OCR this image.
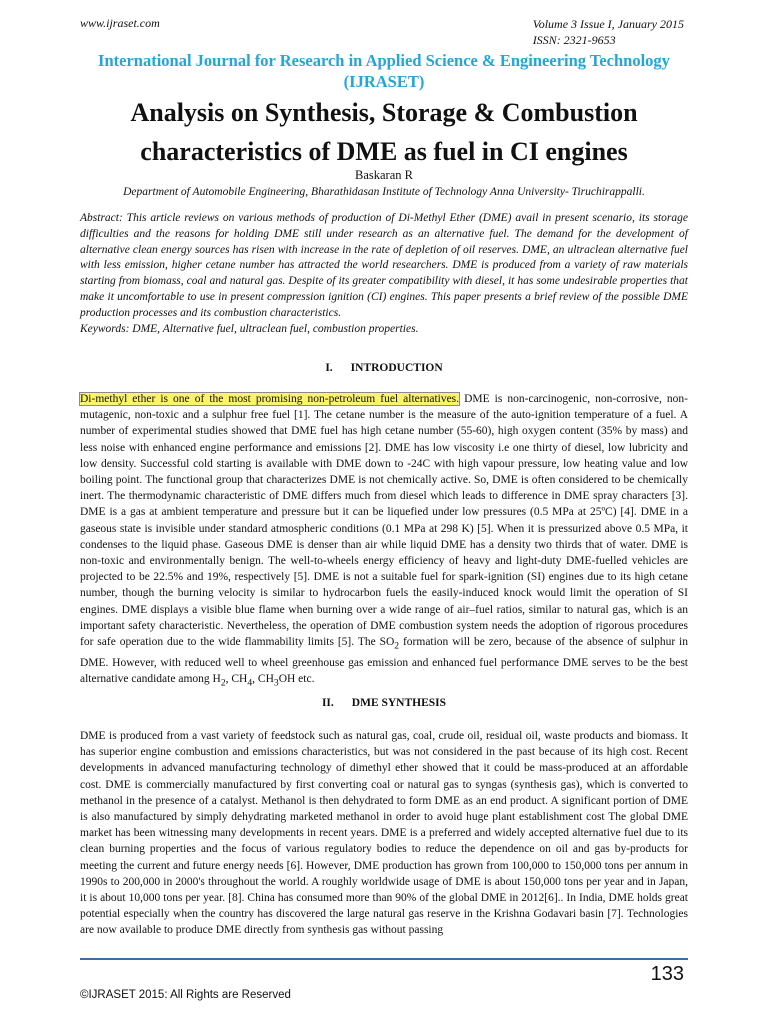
www.ijraset.com	Volume 3 Issue I, January 2015
ISSN: 2321-9653
International Journal for Research in Applied Science & Engineering Technology (IJRASET)
Analysis on Synthesis, Storage & Combustion characteristics of DME as fuel in CI engines
Baskaran R
Department of Automobile Engineering, Bharathidasan Institute of Technology Anna University- Tiruchirappalli.

Abstract: This article reviews on various methods of production of Di-Methyl Ether (DME) avail in present scenario, its storage difficulties and the reasons for holding DME still under research as an alternative fuel. The demand for the development of alternative clean energy sources has risen with increase in the rate of depletion of oil reserves. DME, an ultraclean alternative fuel with less emission, higher cetane number has attracted the world researchers. DME is produced from a variety of raw materials starting from biomass, coal and natural gas. Despite of its greater compatibility with diesel, it has some undesirable properties that make it uncomfortable to use in present compression ignition (CI) engines. This paper presents a brief review of the possible DME production processes and its combustion characteristics.

Keywords: DME, Alternative fuel, ultraclean fuel, combustion properties.

I. INTRODUCTION

Di-methyl ether is one of the most promising non-petroleum fuel alternatives. DME is non-carcinogenic, non-corrosive, non-mutagenic, non-toxic and a sulphur free fuel [1]. The cetane number is the measure of the auto-ignition temperature of a fuel. A number of experimental studies showed that DME fuel has high cetane number (55-60), high oxygen content (35% by mass) and less noise with enhanced engine performance and emissions [2]. DME has low viscosity i.e one thirty of diesel, low lubricity and low density. Successful cold starting is available with DME down to -24C with high vapour pressure, low heating value and low boiling point. The functional group that characterizes DME is not chemically active. So, DME is often considered to be chemically inert. The thermodynamic characteristic of DME differs much from diesel which leads to difference in DME spray characters [3]. DME is a gas at ambient temperature and pressure but it can be liquefied under low pressures (0.5 MPa at 25ºC) [4]. DME in a gaseous state is invisible under standard atmospheric conditions (0.1 MPa at 298 K) [5]. When it is pressurized above 0.5 MPa, it condenses to the liquid phase. Gaseous DME is denser than air while liquid DME has a density two thirds that of water. DME is non-toxic and environmentally benign. The well-to-wheels energy efficiency of heavy and light-duty DME-fuelled vehicles are projected to be 22.5% and 19%, respectively [5]. DME is not a suitable fuel for spark-ignition (SI) engines due to its high cetane number, though the burning velocity is similar to hydrocarbon fuels the easily-induced knock would limit the operation of SI engines. DME displays a visible blue flame when burning over a wide range of air–fuel ratios, similar to natural gas, which is an important safety characteristic. Nevertheless, the operation of DME combustion system needs the adoption of rigorous procedures for safe operation due to the wide flammability limits [5]. The $SO_2$ formation will be zero, because of the absence of sulphur in DME. However, with reduced well to wheel greenhouse gas emission and enhanced fuel performance DME serves to be the best alternative candidate among $H_2$, $CH_4$, $CH_3OH$ etc.

II. DME SYNTHESIS

DME is produced from a vast variety of feedstock such as natural gas, coal, crude oil, residual oil, waste products and biomass. It has superior engine combustion and emissions characteristics, but was not considered in the past because of its high cost. Recent developments in advanced manufacturing technology of dimethyl ether showed that it could be mass-produced at an affordable cost. DME is commercially manufactured by first converting coal or natural gas to syngas (synthesis gas), which is converted to methanol in the presence of a catalyst. Methanol is then dehydrated to form DME as an end product. A significant portion of DME is also manufactured by simply dehydrating marketed methanol in order to avoid huge plant establishment cost The global DME market has been witnessing many developments in recent years. DME is a preferred and widely accepted alternative fuel due to its clean burning properties and the focus of various regulatory bodies to reduce the dependence on oil and gas by-products for meeting the current and future energy needs [6]. However, DME production has grown from 100,000 to 150,000 tons per annum in 1990s to 200,000 in 2000's throughout the world. A roughly worldwide usage of DME is about 150,000 tons per year and in Japan, it is about 10,000 tons per year. [8]. China has consumed more than 90% of the global DME in 2012[6].. In India, DME holds great potential especially when the country has discovered the large natural gas reserve in the Krishna Godavari basin [7]. Technologies are now available to produce DME directly from synthesis gas without passing

133
©IJRASET 2015: All Rights are Reserved
